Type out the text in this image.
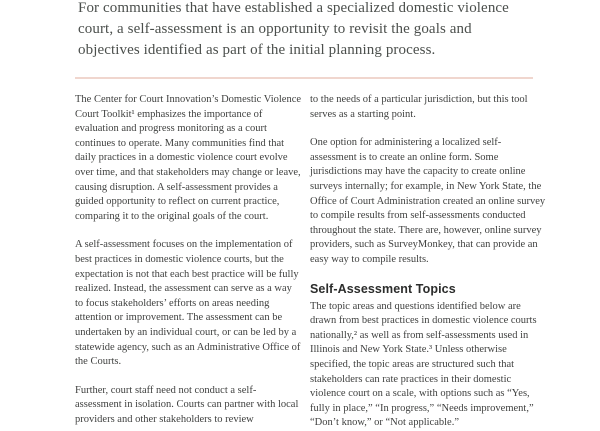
For communities that have established a specialized domestic violence court, a self-assessment is an opportunity to revisit the goals and objectives identified as part of the initial planning process.

The Center for Court Innovation’s Domestic Violence Court Toolkit¹ emphasizes the importance of evaluation and progress monitoring as a court continues to operate. Many communities find that daily practices in a domestic violence court evolve over time, and that stakeholders may change or leave, causing disruption. A self-assessment provides a guided opportunity to reflect on current practice, comparing it to the original goals of the court.

A self-assessment focuses on the implementation of best practices in domestic violence courts, but the expectation is not that each best practice will be fully realized. Instead, the assessment can serve as a way to focus stakeholders’ efforts on areas needing attention or improvement. The assessment can be undertaken by an individual court, or can be led by a statewide agency, such as an Administrative Office of the Courts.

Further, court staff need not conduct a self-assessment in isolation. Courts can partner with local providers and other stakeholders to review

to the needs of a particular jurisdiction, but this tool serves as a starting point.

One option for administering a localized self-assessment is to create an online form. Some jurisdictions may have the capacity to create online surveys internally; for example, in New York State, the Office of Court Administration created an online survey to compile results from self-assessments conducted throughout the state. There are, however, online survey providers, such as SurveyMonkey, that can provide an easy way to compile results.

Self-Assessment Topics

The topic areas and questions identified below are drawn from best practices in domestic violence courts nationally,² as well as from self-assessments used in Illinois and New York State.³ Unless otherwise specified, the topic areas are structured such that stakeholders can rate practices in their domestic violence court on a scale, with options such as “Yes, fully in place,” “In progress,” “Needs improvement,” “Don’t know,” or “Not applicable.”
